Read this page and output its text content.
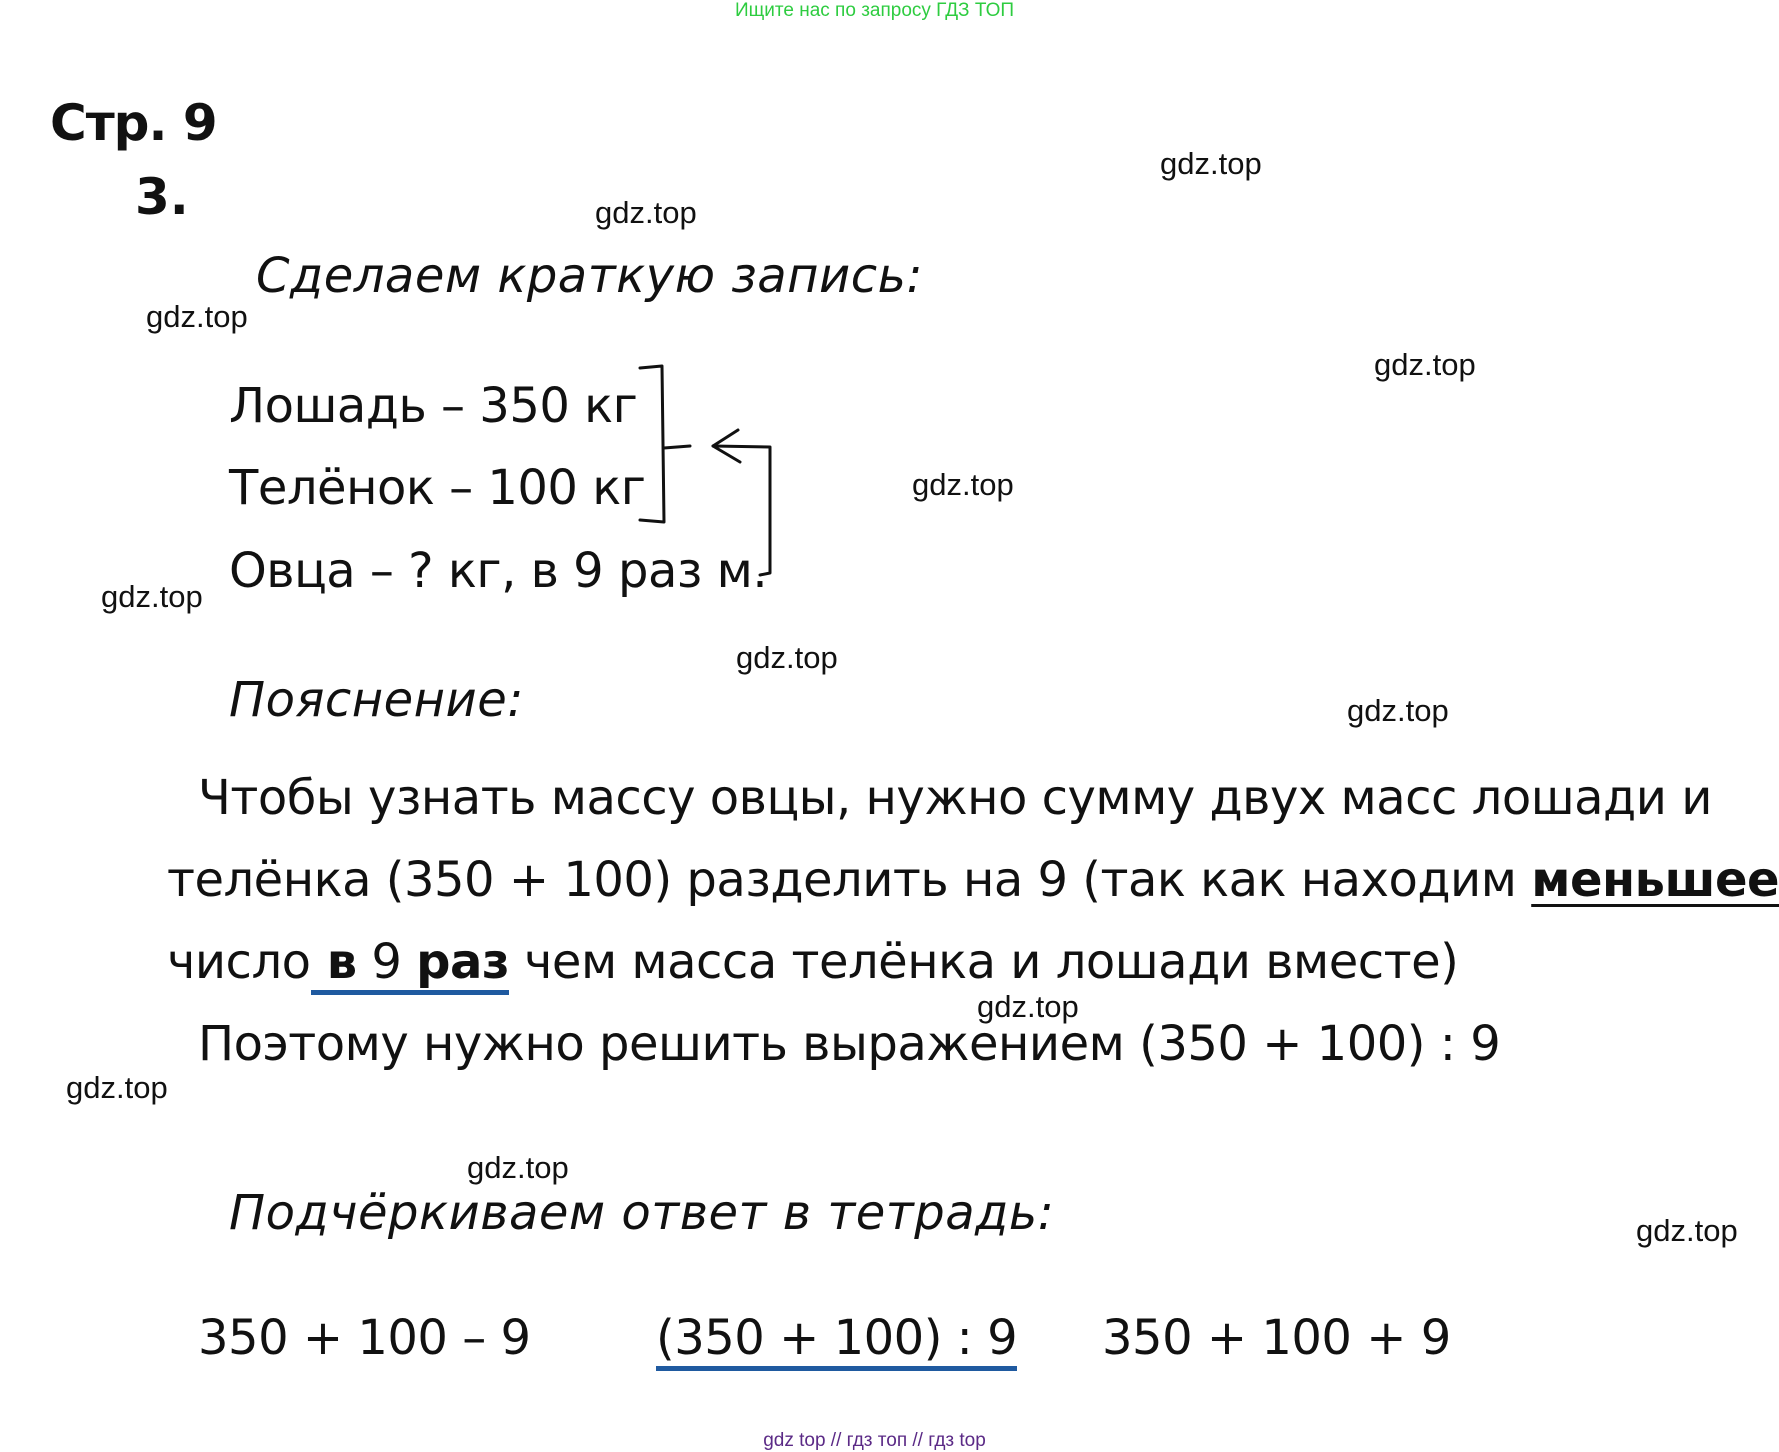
Ищите нас по запросу ГДЗ ТОП
Стр. 9
3.
gdz.top
gdz.top
gdz.top
gdz.top
gdz.top
gdz.top
gdz.top
gdz.top
gdz.top
gdz.top
gdz.top
gdz.top
Сделаем краткую запись:
Лошадь – 350 кг
Телёнок – 100 кг
Овца – ? кг, в 9 раз м.
Пояснение:
Чтобы узнать массу овцы, нужно сумму двух масс лошади и
телёнка (350 + 100) разделить на 9 (так как находим меньшее
число в 9 раз чем масса телёнка и лошади вместе)
Поэтому нужно решить выражением (350 + 100) : 9
Подчёркиваем ответ в тетрадь:
350 + 100 – 9	(350 + 100) : 9 350 + 100 + 9
gdz top // гдз топ // гдз top
